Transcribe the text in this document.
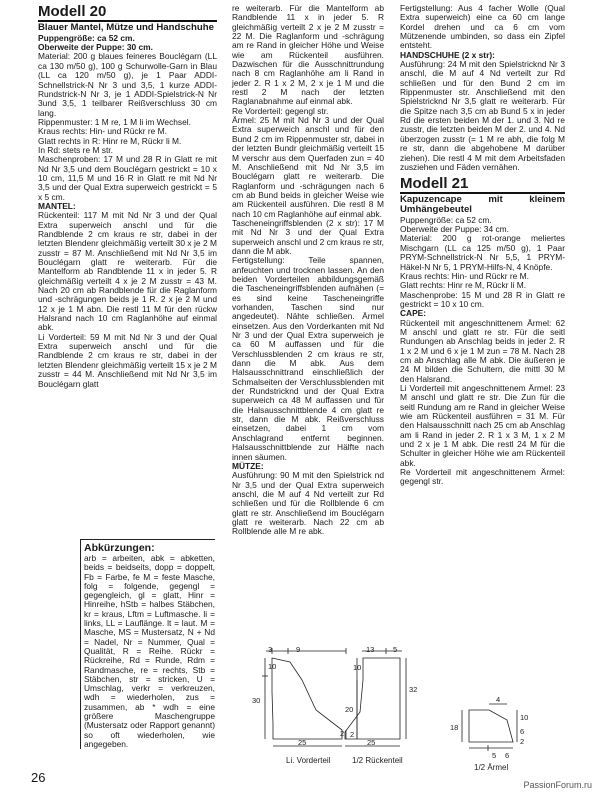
Modell 20
Blauer Mantel, Mütze und Handschuhe

Puppengröße: ca 52 cm.

Oberweite der Puppe: 30 cm.

Material: 200 g blaues feineres Bouclégarn (LL ca 130 m/50 g), 100 g Schurwolle-Garn in Blau (LL ca 120 m/50 g), je 1 Paar ADDI-Schnellstrick-N Nr 3 und 3,5, 1 kurze ADDI-Rundstrick-N Nr 3, je 1 ADDI-Spielstrick-N Nr 3und 3,5, 1 teilbarer Reißverschluss 30 cm lang.

Rippenmuster: 1 M re, 1 M li im Wechsel.

Kraus rechts: Hin- und Rückr re M.

Glatt rechts in R: Hinr re M, Rückr li M.

In Rd: stets re M str.

Maschenproben: 17 M und 28 R in Glatt re mit Nd Nr 3,5 und dem Bouclégarn gestrickt = 10 x 10 cm, 11,5 M und 16 R in Glatt re mit Nd Nr 3,5 und der Qual Extra superweich gestrickt = 5 x 5 cm.

MANTEL:

Rückenteil: 117 M mit Nd Nr 3 und der Qual Extra superweich anschl und für die Randblende 2 cm kraus re str, dabei in der letzten Blendenr gleichmäßig verteilt 30 x je 2 M zusstr = 87 M. Anschließend mit Nd Nr 3,5 im Bouclégarn glatt re weiterarb. Für die Mantelform ab Randblende 11 x in jeder 5. R gleichmäßig verteilt 4 x je 2 M zusstr = 43 M. Nach 20 cm ab Randblende für die Raglanform und -schrägungen beids je 1 R. 2 x je 2 M und 12 x je 1 M abn. Die restl 11 M für den rückw Halsrand nach 10 cm Raglanhöhe auf einmal abk.

Li Vorderteil: 59 M mit Nd Nr 3 und der Qual Extra superweich anschl und für die Randblende 2 cm kraus re str, dabei in der letzten Blendenr gleichmäßig verteilt 15 x je 2 M zusstr = 44 M. Anschließend mit Nd Nr 3,5 im Bouclégarn glatt

Abkürzungen:
arb = arbeiten, abk = abketten, beids = beidseits, dopp = doppelt, Fb = Farbe, fe M = feste Masche, folg = folgende, gegengl = gegengleich, gl = glatt, Hinr = Hinreihe, hStb = halbes Stäbchen, kr = kraus, Lftm = Luftmasche. li = links, LL = Lauflänge. lt = laut. M = Masche, MS = Mustersatz, N + Nd = Nadel, Nr = Nummer, Qual = Qualität, R = Reihe. Rückr = Rückreihe, Rd = Runde, Rdm = Randmasche, re = rechts, Stb = Stäbchen, str = stricken, U = Umschlag, verkr = verkreuzen, wdh = wiederholen, zus = zusammen, ab * wdh = eine größere Maschengruppe (Mustersatz oder Rapport genannt) so oft wiederholen, wie angegeben.

re weiterarb. Für die Mantelform ab Randblende 11 x in jeder 5. R gleichmäßig verteilt 2 x je 2 M zusstr = 22 M. Die Raglanform und -schrägung am re Rand in gleicher Höhe und Weise wie am Rückenteil ausführen. Dazwischen für die Ausschnittrundung nach 8 cm Raglanhöhe am li Rand in jeder 2. R 1 x 2 M, 2 x je 1 M und die restl 2 M nach der letzten Raglanabnahme auf einmal abk.

Re Vorderteil: gegengl str.

Ärmel: 25 M mit Nd Nr 3 und der Qual Extra superweich anschl und für den Bund 2 cm im Rippenmuster str, dabei in der letzten Bundr gleichmäßig verteilt 15 M verschr aus dem Querfaden zun = 40 M. Anschließend mit Nd Nr 3,5 im Bouclégarn glatt re weiterarb. Die Raglanform und -schrägungen nach 6 cm ab Bund beids in gleicher Weise wie am Rückenteil ausführen. Die restl 8 M nach 10 cm Raglanhöhe auf einmal abk.

Tascheneingriffsblenden (2 x str): 17 M mit Nd Nr 3 und der Qual Extra superweich anschl und 2 cm kraus re str, dann die M abk.

Fertigstellung: Teile spannen, anfeuchten und trocknen lassen. An den beiden Vorderteilen abbildungsgemäß die Tascheneingriffsblenden aufnähen (= es sind keine Tascheneingriffe vorhanden, Taschen sind nur angedeutet). Nähte schließen. Ärmel einsetzen. Aus den Vorderkanten mit Nd Nr 3 und der Qual Extra superweich je ca 60 M auffassen und für die Verschlussblenden 2 cm kraus re str, dann die M abk. Aus dem Halsausschnittrand einschließlich der Schmalseiten der Verschlussblenden mit der Rundstricknd und der Qual Extra superweich ca 48 M auffassen und für die Halsausschnittblende 4 cm glatt re str, dann die M abk. Reißverschluss einsetzen, dabei 1 cm vom Anschlagrand entfernt beginnen. Halsausschnittblende zur Hälfte nach innen säumen.

MÜTZE:

Ausführung: 90 M mit den Spielstrick nd Nr 3,5 und der Qual Extra superweich anschl, die M auf 4 Nd verteilt zur Rd schließen und für die Rollblende 6 cm glatt re str. Anschließend im Bouclégarn glatt re weiterarb. Nach 22 cm ab Rollblende alle M re abk.

Fertigstellung: Aus 4 facher Wolle (Qual Extra superweich) eine ca 60 cm lange Kordel drehen und ca 6 cm vom Mützenende umbinden, so dass ein Zipfel entsteht.

HANDSCHUHE (2 x str):

Ausführung: 24 M mit den Spielstricknd Nr 3 anschl, die M auf 4 Nd verteilt zur Rd schließen und für den Bund 2 cm im Rippenmuster str. Anschließend mit den Spielstricknd Nr 3,5 glatt re weiterarb. Für die Spitze nach 3,5 cm ab Bund 5 x in jeder Rd die ersten beiden M der 1. und 3. Nd re zusstr, die letzten beiden M der 2. und 4. Nd überzogen zusstr (= 1 M re abh, die folg M re str, dann die abgehobene M darüber ziehen). Die restl 4 M mit dem Arbeitsfaden zusziehen und Fäden vernähen.

Modell 21
Kapuzencape mit kleinem Umhängebeutel

Puppengröße: ca 52 cm.

Oberweite der Puppe: 34 cm.

Material: 200 g rot-orange meliertes Mischgarn (LL ca 125 m/50 g), 1 Paar PRYM-Schnellstrick-N Nr 5,5, 1 PRYM-Häkel-N Nr 5, 1 PRYM-Hilfs-N, 4 Knöpfe.

Kraus rechts: Hin- und Rückr re M.

Glatt rechts: Hinr re M, Rückr li M.

Maschenprobe: 15 M und 28 R in Glatt re gestrickt = 10 x 10 cm.

CAPE:

Rückenteil mit angeschnittenem Ärmel: 62 M anschl und glatt re str. Für die seitl Rundungen ab Anschlag beids in jeder 2. R 1 x 2 M und 6 x je 1 M zun = 78 M. Nach 28 cm ab Anschlag alle M abk. Die äußeren je 24 M bilden die Schultern, die mittl 30 M den Halsrand.

Li Vorderteil mit angeschnittenem Ärmel: 23 M anschl und glatt re str. Die Zun für die seitl Rundung am re Rand in gleicher Weise wie am Rückenteil ausführen = 31 M. Für den Halsausschnitt nach 25 cm ab Anschlag am li Rand in jeder 2. R 1 x 3 M, 1 x 2 M und 2 x je 1 M abk. Die restl 24 M für die Schulter in gleicher Höhe wie am Rückenteil abk.

Re Vorderteil mit angeschnittenem Ärmel: gegengl str.

3	9
10
30
2
25
Li. Vorderteil
13 5
10
20
32
2
25
1/2 Rückenteil
4
18
10
6
2
5 6
1/2 Ärmel
26	PassionForum.ru
